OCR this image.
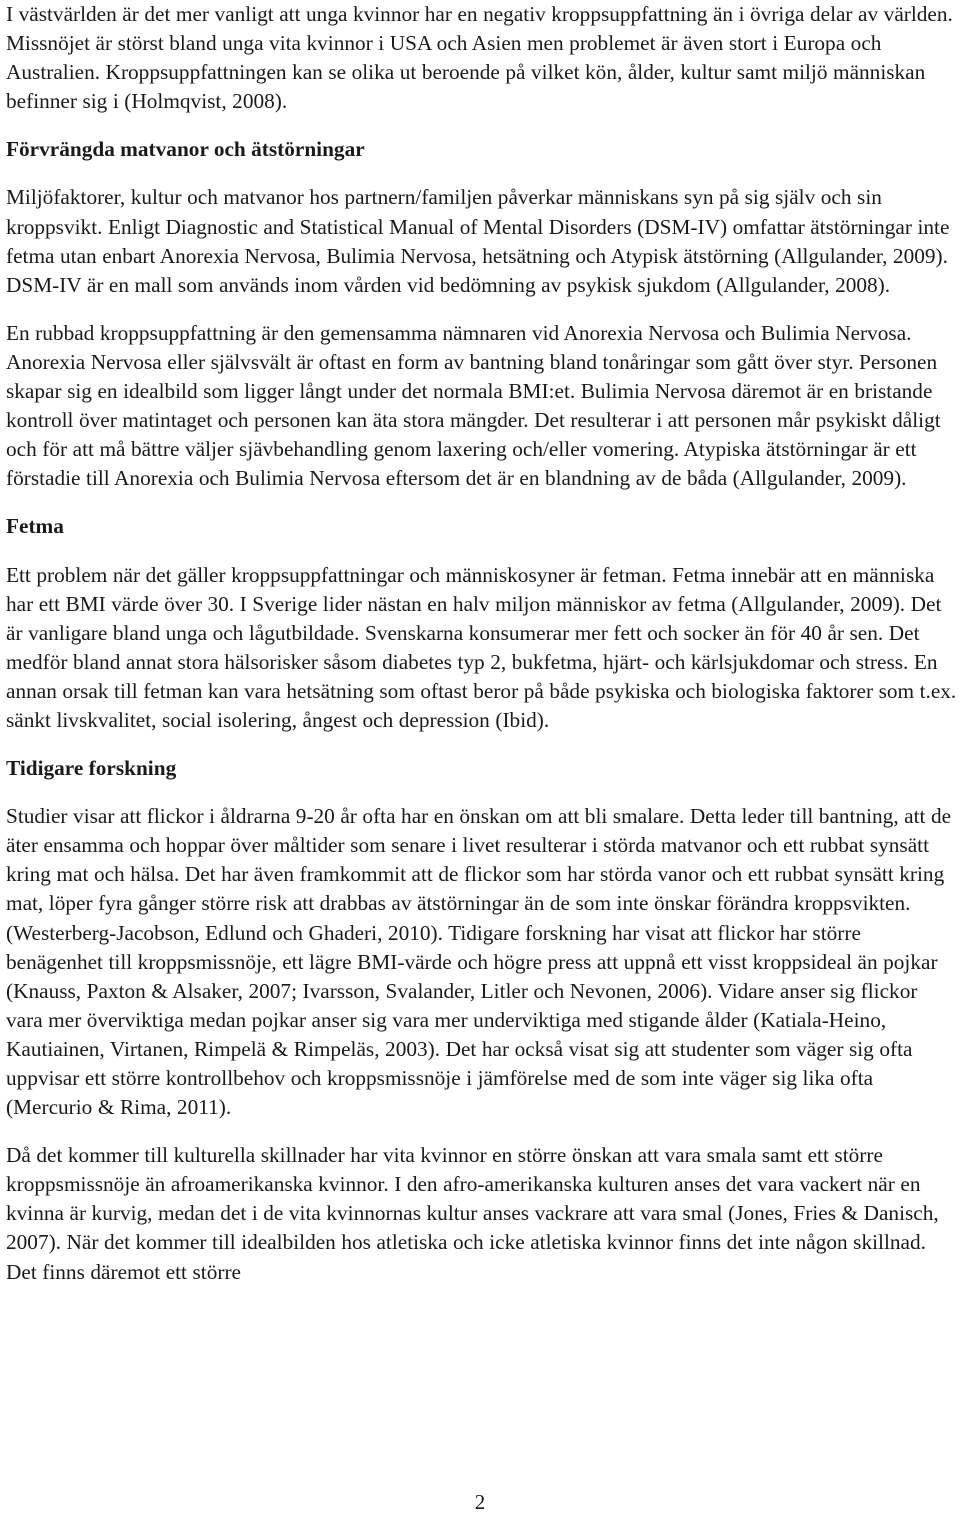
I västvärlden är det mer vanligt att unga kvinnor har en negativ kroppsuppfattning än i övriga delar av världen. Missnöjet är störst bland unga vita kvinnor i USA och Asien men problemet är även stort i Europa och Australien. Kroppsuppfattningen kan se olika ut beroende på vilket kön, ålder, kultur samt miljö människan befinner sig i (Holmqvist, 2008).

Förvrängda matvanor och ätstörningar

Miljöfaktorer, kultur och matvanor hos partnern/familjen påverkar människans syn på sig själv och sin kroppsvikt. Enligt Diagnostic and Statistical Manual of Mental Disorders (DSM-IV) omfattar ätstörningar inte fetma utan enbart Anorexia Nervosa, Bulimia Nervosa, hetsätning och Atypisk ätstörning (Allgulander, 2009). DSM-IV är en mall som används inom vården vid bedömning av psykisk sjukdom (Allgulander, 2008).

En rubbad kroppsuppfattning är den gemensamma nämnaren vid Anorexia Nervosa och Bulimia Nervosa. Anorexia Nervosa eller självsvält är oftast en form av bantning bland tonåringar som gått över styr. Personen skapar sig en idealbild som ligger långt under det normala BMI:et. Bulimia Nervosa däremot är en bristande kontroll över matintaget och personen kan äta stora mängder. Det resulterar i att personen mår psykiskt dåligt och för att må bättre väljer sjävbehandling genom laxering och/eller vomering. Atypiska ätstörningar är ett förstadie till Anorexia och Bulimia Nervosa eftersom det är en blandning av de båda (Allgulander, 2009).

Fetma

Ett problem när det gäller kroppsuppfattningar och människosyner är fetman. Fetma innebär att en människa har ett BMI värde över 30. I Sverige lider nästan en halv miljon människor av fetma (Allgulander, 2009). Det är vanligare bland unga och lågutbildade. Svenskarna konsumerar mer fett och socker än för 40 år sen. Det medför bland annat stora hälsorisker såsom diabetes typ 2, bukfetma, hjärt- och kärlsjukdomar och stress. En annan orsak till fetman kan vara hetsätning som oftast beror på både psykiska och biologiska faktorer som t.ex. sänkt livskvalitet, social isolering, ångest och depression (Ibid).

Tidigare forskning

Studier visar att flickor i åldrarna 9-20 år ofta har en önskan om att bli smalare. Detta leder till bantning, att de äter ensamma och hoppar över måltider som senare i livet resulterar i störda matvanor och ett rubbat synsätt kring mat och hälsa. Det har även framkommit att de flickor som har störda vanor och ett rubbat synsätt kring mat, löper fyra gånger större risk att drabbas av ätstörningar än de som inte önskar förändra kroppsvikten. (Westerberg-Jacobson, Edlund och Ghaderi, 2010). Tidigare forskning har visat att flickor har större benägenhet till kroppsmissnöje, ett lägre BMI-värde och högre press att uppnå ett visst kroppsideal än pojkar (Knauss, Paxton & Alsaker, 2007; Ivarsson, Svalander, Litler och Nevonen, 2006). Vidare anser sig flickor vara mer överviktiga medan pojkar anser sig vara mer underviktiga med stigande ålder (Katiala-Heino, Kautiainen, Virtanen, Rimpelä & Rimpeläs, 2003). Det har också visat sig att studenter som väger sig ofta uppvisar ett större kontrollbehov och kroppsmissnöje i jämförelse med de som inte väger sig lika ofta (Mercurio & Rima, 2011).

Då det kommer till kulturella skillnader har vita kvinnor en större önskan att vara smala samt ett större kroppsmissnöje än afroamerikanska kvinnor. I den afro-amerikanska kulturen anses det vara vackert när en kvinna är kurvig, medan det i de vita kvinnornas kultur anses vackrare att vara smal (Jones, Fries & Danisch, 2007). När det kommer till idealbilden hos atletiska och icke atletiska kvinnor finns det inte någon skillnad. Det finns däremot ett större

2
